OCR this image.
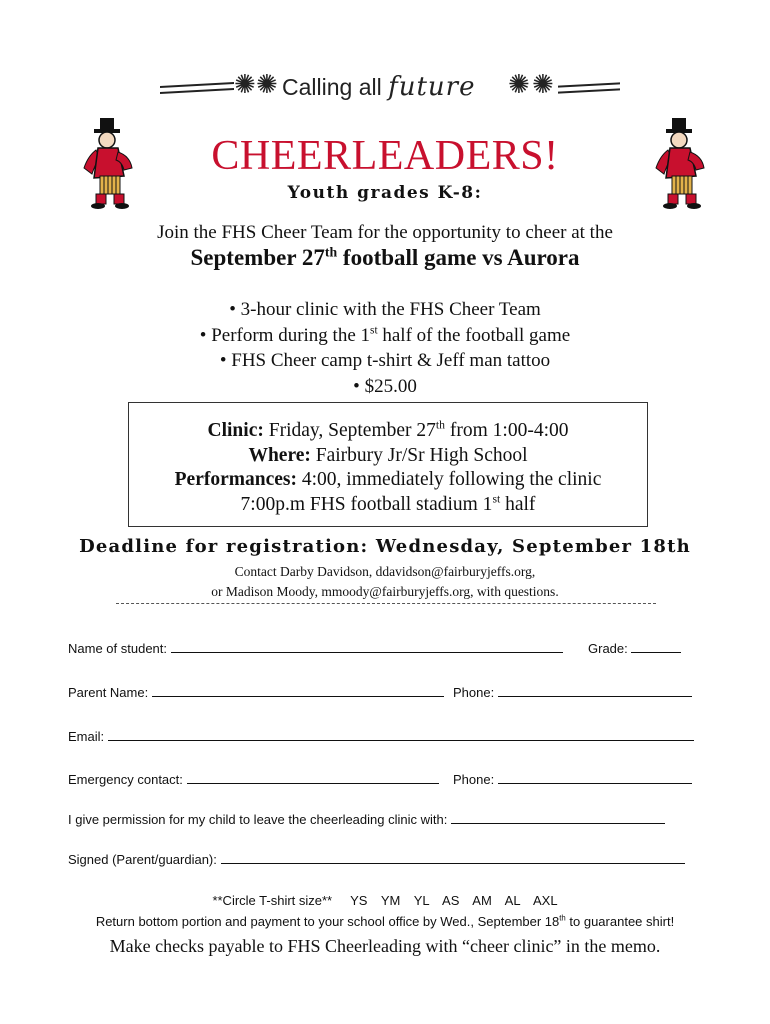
✺ ✺ Calling all future ✺ ✺
CHEERLEADERS!
Youth grades K-8:
Join the FHS Cheer Team for the opportunity to cheer at the
September 27th football game vs Aurora
• 3-hour clinic with the FHS Cheer Team
• Perform during the 1st half of the football game
• FHS Cheer camp t-shirt & Jeff man tattoo
• $25.00
Clinic: Friday, September 27th from 1:00-4:00
Where: Fairbury Jr/Sr High School
Performances: 4:00, immediately following the clinic
7:00p.m FHS football stadium 1st half
Deadline for registration: Wednesday, September 18th
Contact Darby Davidson, ddavidson@fairburyjeffs.org,
or Madison Moody, mmoody@fairburyjeffs.org, with questions.
Name of student:	Grade:
Parent Name:	Phone:
Email:
Emergency contact:	Phone:
I give permission for my child to leave the cheerleading clinic with:
Signed (Parent/guardian):
**Circle T-shirt size** YS YM YL AS AM AL AXL
Return bottom portion and payment to your school office by Wed., September 18th to guarantee shirt!
Make checks payable to FHS Cheerleading with “cheer clinic” in the memo.
